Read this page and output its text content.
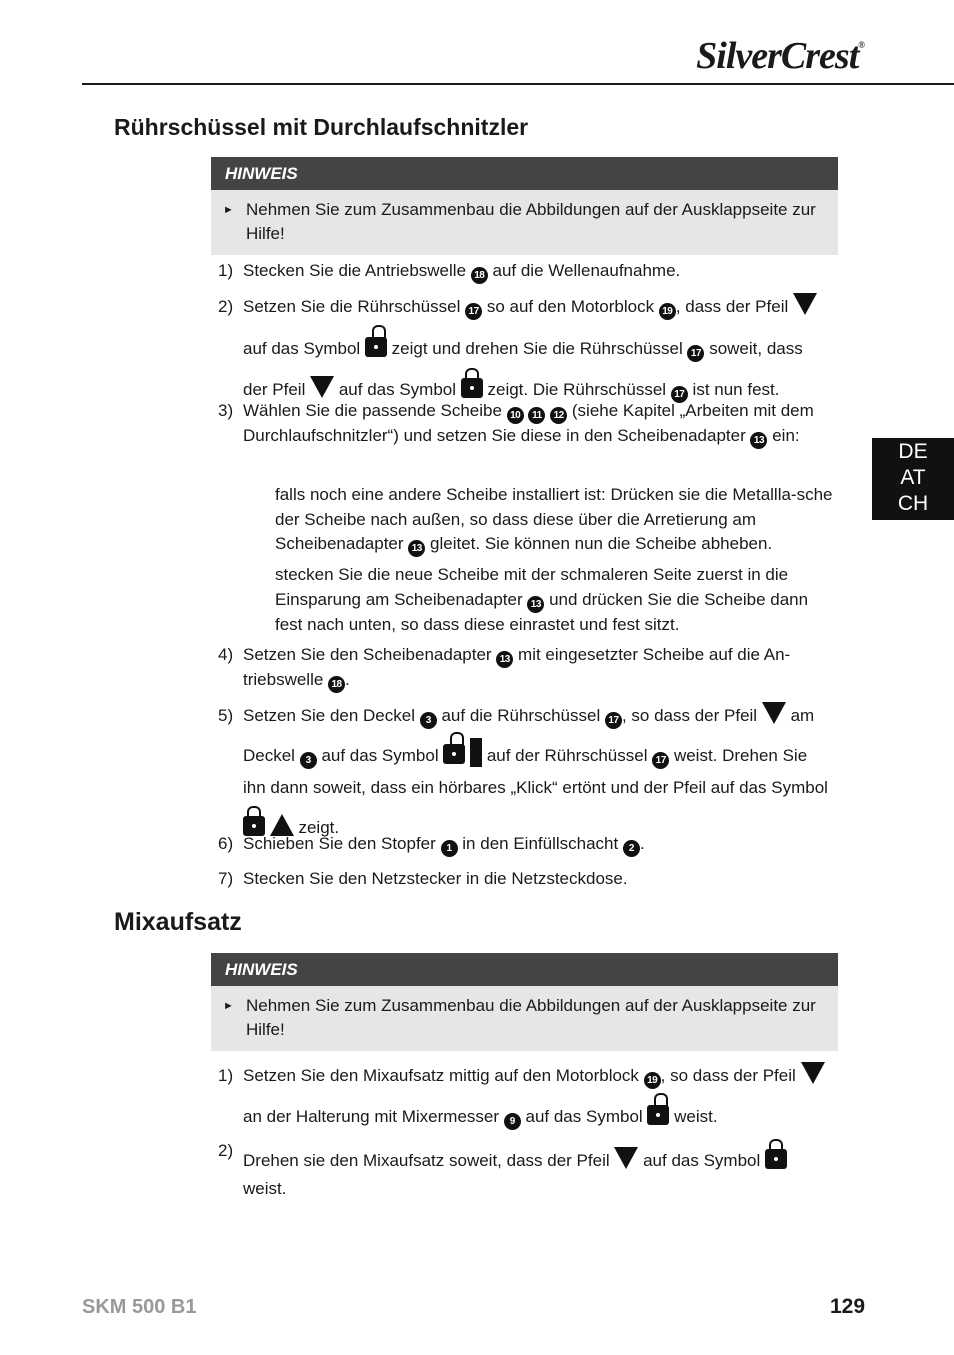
SilverCrest®
Rührschüssel mit Durchlaufschnitzler
HINWEIS
► Nehmen Sie zum Zusammenbau die Abbildungen auf der Ausklappseite zur Hilfe!
1) Stecken Sie die Antriebswelle 18 auf die Wellenaufnahme.
2) Setzen Sie die Rührschüssel 17 so auf den Motorblock 19 , dass der Pfeil  auf das Symbol zeigt und drehen Sie die Rührschüssel 17 soweit, dass der Pfeil auf das Symbol zeigt. Die Rührschüssel 17 ist nun fest.
3) Wählen Sie die passende Scheibe 10 11 12 (siehe Kapitel „Arbeiten mit dem Durchlaufschnitzler“) und setzen Sie diese in den Scheibenadapter 13 ein:
falls noch eine andere Scheibe installiert ist: Drücken sie die Metallla-sche der Scheibe nach außen, so dass diese über die Arretierung am Scheibenadapter 13 gleitet. Sie können nun die Scheibe abheben.
stecken Sie die neue Scheibe mit der schmaleren Seite zuerst in die Einsparung am Scheibenadapter 13 und drücken Sie die Scheibe dann fest nach unten, so dass diese einrastet und fest sitzt.
4) Setzen Sie den Scheibenadapter 13 mit eingesetzter Scheibe auf die An-triebswelle 18 .
5) Setzen Sie den Deckel 3 auf die Rührschüssel 17 , so dass der Pfeil am Deckel 3 auf das Symbol	auf der Rührschüssel 17 weist. Drehen Sie ihn dann soweit, dass ein hörbares „Klick“ ertönt und der Pfeil auf das Symbol   zeigt.
6) Schieben Sie den Stopfer 1 in den Einfüllschacht 2 .
7) Stecken Sie den Netzstecker in die Netzsteckdose.
Mixaufsatz
HINWEIS
► Nehmen Sie zum Zusammenbau die Abbildungen auf der Ausklappseite zur Hilfe!
1) Setzen Sie den Mixaufsatz mittig auf den Motorblock 19 , so dass der Pfeil  an der Halterung mit Mixermesser 9 auf das Symbol weist.
2)
Drehen sie den Mixaufsatz soweit, dass der Pfeil auf das Symbol  weist.
DE
AT
CH
SKM 500 B1	129
